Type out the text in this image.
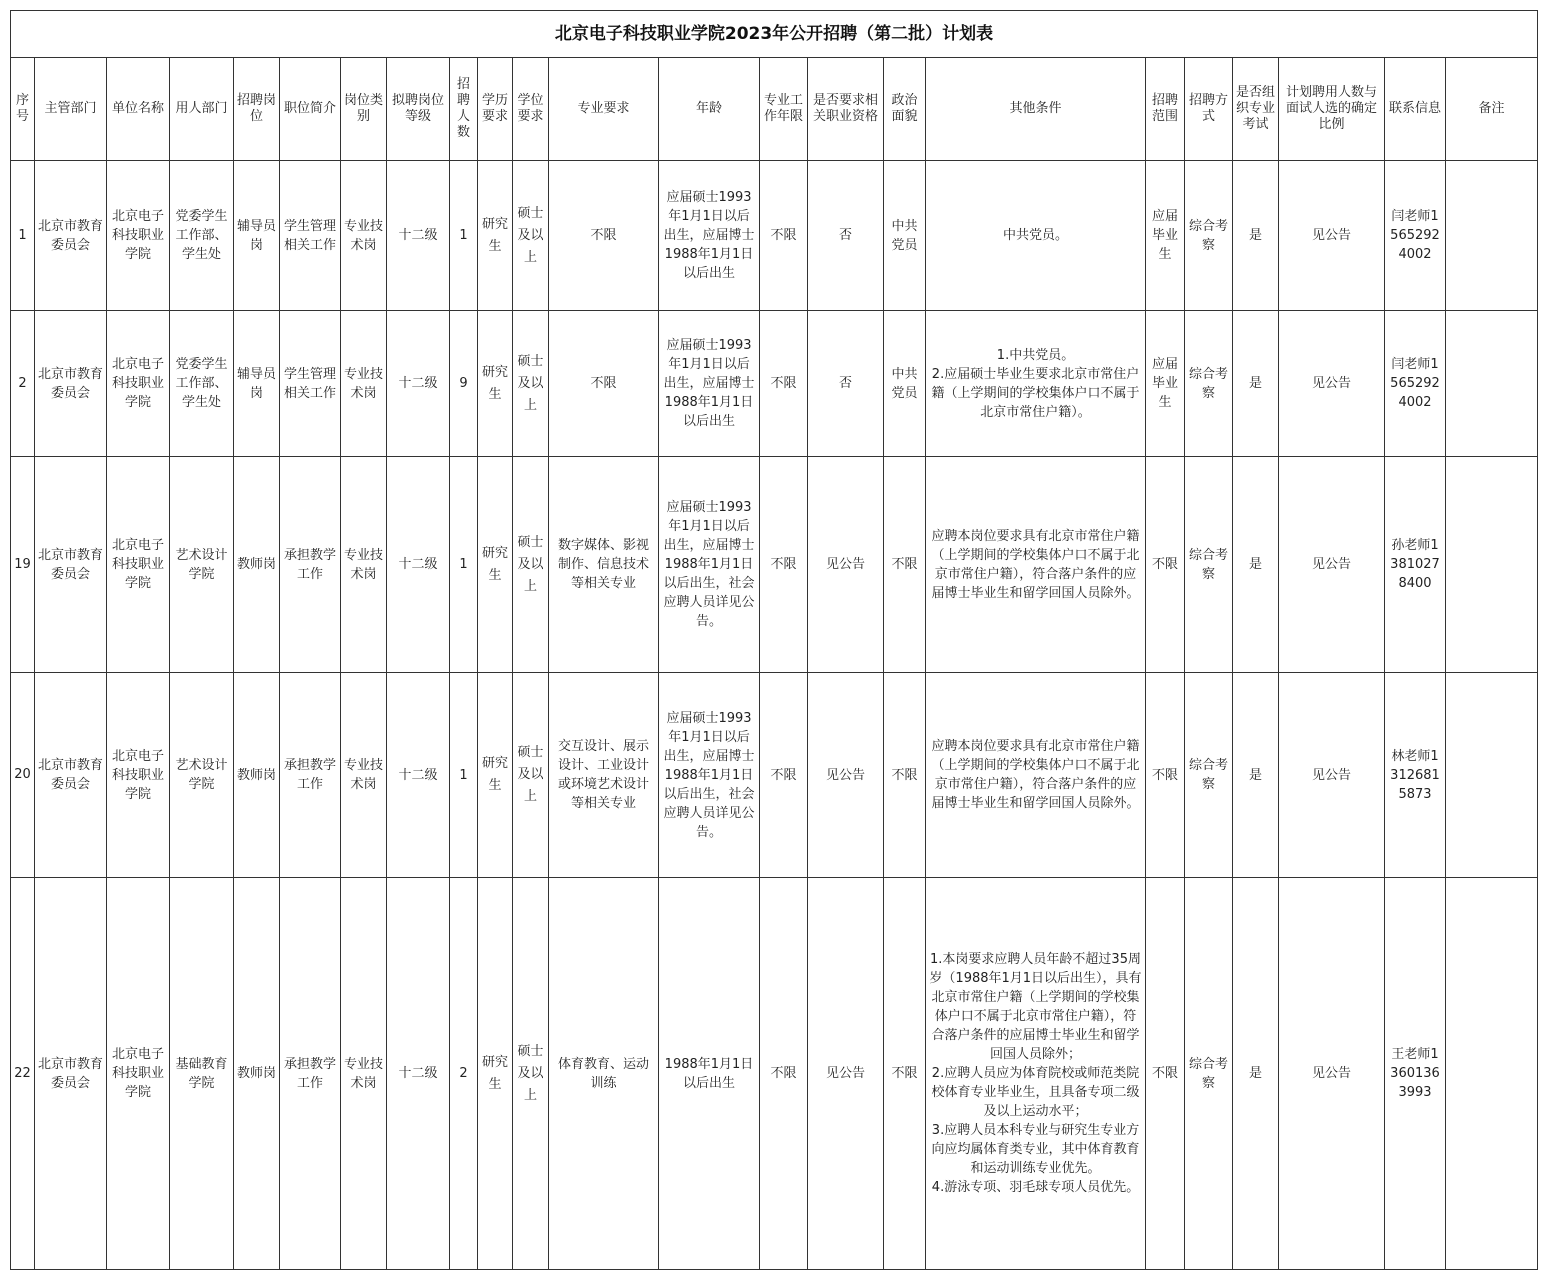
北京电子科技职业学院2023年公开招聘（第二批）计划表																						
序号	主管部门	单位名称	用人部门	招聘岗位	职位简介	岗位类别	拟聘岗位等级	招聘人数	学历要求	学位要求	专业要求	年龄	专业工作年限	是否要求相关职业资格	政治面貌	其他条件	招聘范围	招聘方式	是否组织专业考试	计划聘用人数与面试人选的确定比例	联系信息	备注
1	北京市教育委员会	北京电子科技职业学院	党委学生工作部、学生处	辅导员岗	学生管理相关工作	专业技术岗	十二级	1	研究生	硕士及以上	不限	应届硕士1993年1月1日以后出生，应届博士1988年1月1日以后出生	不限	否	中共党员	中共党员。	应届毕业生	综合考察	是	见公告	闫老师15652924002	
2	北京市教育委员会	北京电子科技职业学院	党委学生工作部、学生处	辅导员岗	学生管理相关工作	专业技术岗	十二级	9	研究生	硕士及以上	不限	应届硕士1993年1月1日以后出生，应届博士1988年1月1日以后出生	不限	否	中共党员	1.中共党员。
2.应届硕士毕业生要求北京市常住户籍（上学期间的学校集体户口不属于北京市常住户籍）。	应届毕业生	综合考察	是	见公告	闫老师15652924002	
19	北京市教育委员会	北京电子科技职业学院	艺术设计学院	教师岗	承担教学工作	专业技术岗	十二级	1	研究生	硕士及以上	数字媒体、影视制作、信息技术等相关专业	应届硕士1993年1月1日以后出生，应届博士1988年1月1日以后出生，社会应聘人员详见公告。	不限	见公告	不限	应聘本岗位要求具有北京市常住户籍（上学期间的学校集体户口不属于北京市常住户籍），符合落户条件的应届博士毕业生和留学回国人员除外。	不限	综合考察	是	见公告	孙老师13810278400	
20	北京市教育委员会	北京电子科技职业学院	艺术设计学院	教师岗	承担教学工作	专业技术岗	十二级	1	研究生	硕士及以上	交互设计、展示设计、工业设计或环境艺术设计等相关专业	应届硕士1993年1月1日以后出生，应届博士1988年1月1日以后出生，社会应聘人员详见公告。	不限	见公告	不限	应聘本岗位要求具有北京市常住户籍（上学期间的学校集体户口不属于北京市常住户籍），符合落户条件的应届博士毕业生和留学回国人员除外。	不限	综合考察	是	见公告	林老师13126815873	
22	北京市教育委员会	北京电子科技职业学院	基础教育学院	教师岗	承担教学工作	专业技术岗	十二级	2	研究生	硕士及以上	体育教育、运动训练	1988年1月1日以后出生	不限	见公告	不限	1.本岗要求应聘人员年龄不超过35周岁（1988年1月1日以后出生），具有北京市常住户籍（上学期间的学校集体户口不属于北京市常住户籍），符合落户条件的应届博士毕业生和留学回国人员除外；
2.应聘人员应为体育院校或师范类院校体育专业毕业生，且具备专项二级及以上运动水平；
3.应聘人员本科专业与研究生专业方向应均属体育类专业，其中体育教育和运动训练专业优先。
4.游泳专项、羽毛球专项人员优先。	不限	综合考察	是	见公告	王老师13601363993	
